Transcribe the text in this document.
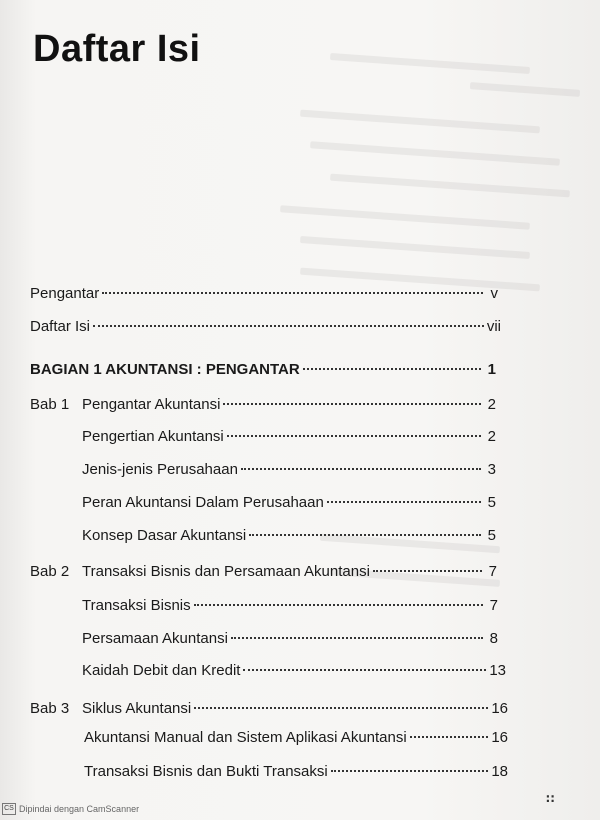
Daftar Isi
Pengantar	v
Daftar Isi	vii
BAGIAN 1 AKUNTANSI : PENGANTAR	1
Bab 1 Pengantar Akuntansi	2
Pengertian Akuntansi	2
Jenis-jenis Perusahaan	3
Peran Akuntansi Dalam Perusahaan	5
Konsep Dasar Akuntansi	5
Bab 2 Transaksi Bisnis dan Persamaan Akuntansi	7
Transaksi Bisnis	7
Persamaan Akuntansi	8
Kaidah Debit dan Kredit	13
Bab 3 Siklus Akuntansi	16
Akuntansi Manual dan Sistem Aplikasi Akuntansi	16
Transaksi Bisnis dan Bukti Transaksi	18
∷
CS Dipindai dengan CamScanner
